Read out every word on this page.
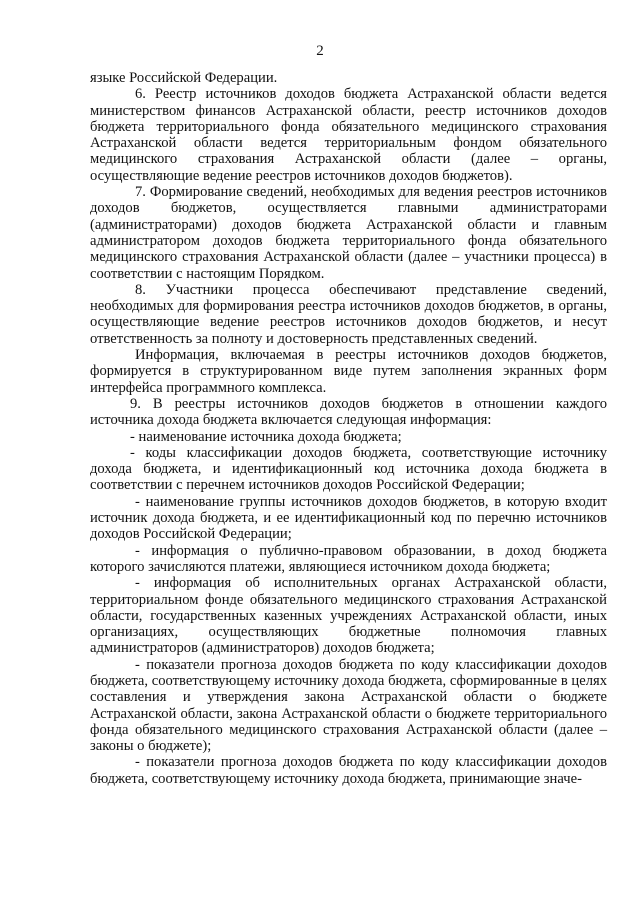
2

языке Российской Федерации.

6. Реестр источников доходов бюджета Астраханской области ведется министерством финансов Астраханской области, реестр источников доходов бюджета территориального фонда обязательного медицинского страхования Астраханской области ведется территориальным фондом обязательного медицинского страхования Астраханской области (далее – органы, осуществляющие ведение реестров источников доходов бюджетов).

7. Формирование сведений, необходимых для ведения реестров источников доходов бюджетов, осуществляется главными администраторами (администраторами) доходов бюджета Астраханской области и главным администратором доходов бюджета территориального фонда обязательного медицинского страхования Астраханской области (далее – участники процесса) в соответствии с настоящим Порядком.

8. Участники процесса обеспечивают представление сведений, необходимых для формирования реестра источников доходов бюджетов, в органы, осуществляющие ведение реестров источников доходов бюджетов, и несут ответственность за полноту и достоверность представленных сведений.

Информация, включаемая в реестры источников доходов бюджетов, формируется в структурированном виде путем заполнения экранных форм интерфейса программного комплекса.

9. В реестры источников доходов бюджетов в отношении каждого источника дохода бюджета включается следующая информация:

- наименование источника дохода бюджета;

- коды классификации доходов бюджета, соответствующие источнику дохода бюджета, и идентификационный код источника дохода бюджета в соответствии с перечнем источников доходов Российской Федерации;

- наименование группы источников доходов бюджетов, в которую входит источник дохода бюджета, и ее идентификационный код по перечню источников доходов Российской Федерации;

- информация о публично-правовом образовании, в доход бюджета которого зачисляются платежи, являющиеся источником дохода бюджета;

- информация об исполнительных органах Астраханской области, территориальном фонде обязательного медицинского страхования Астраханской области, государственных казенных учреждениях Астраханской области, иных организациях, осуществляющих бюджетные полномочия главных администраторов (администраторов) доходов бюджета;

- показатели прогноза доходов бюджета по коду классификации доходов бюджета, соответствующему источнику дохода бюджета, сформированные в целях составления и утверждения закона Астраханской области о бюджете Астраханской области, закона Астраханской области о бюджете территориального фонда обязательного медицинского страхования Астраханской области (далее – законы о бюджете);

- показатели прогноза доходов бюджета по коду классификации доходов бюджета, соответствующему источнику дохода бюджета, принимающие значе-
